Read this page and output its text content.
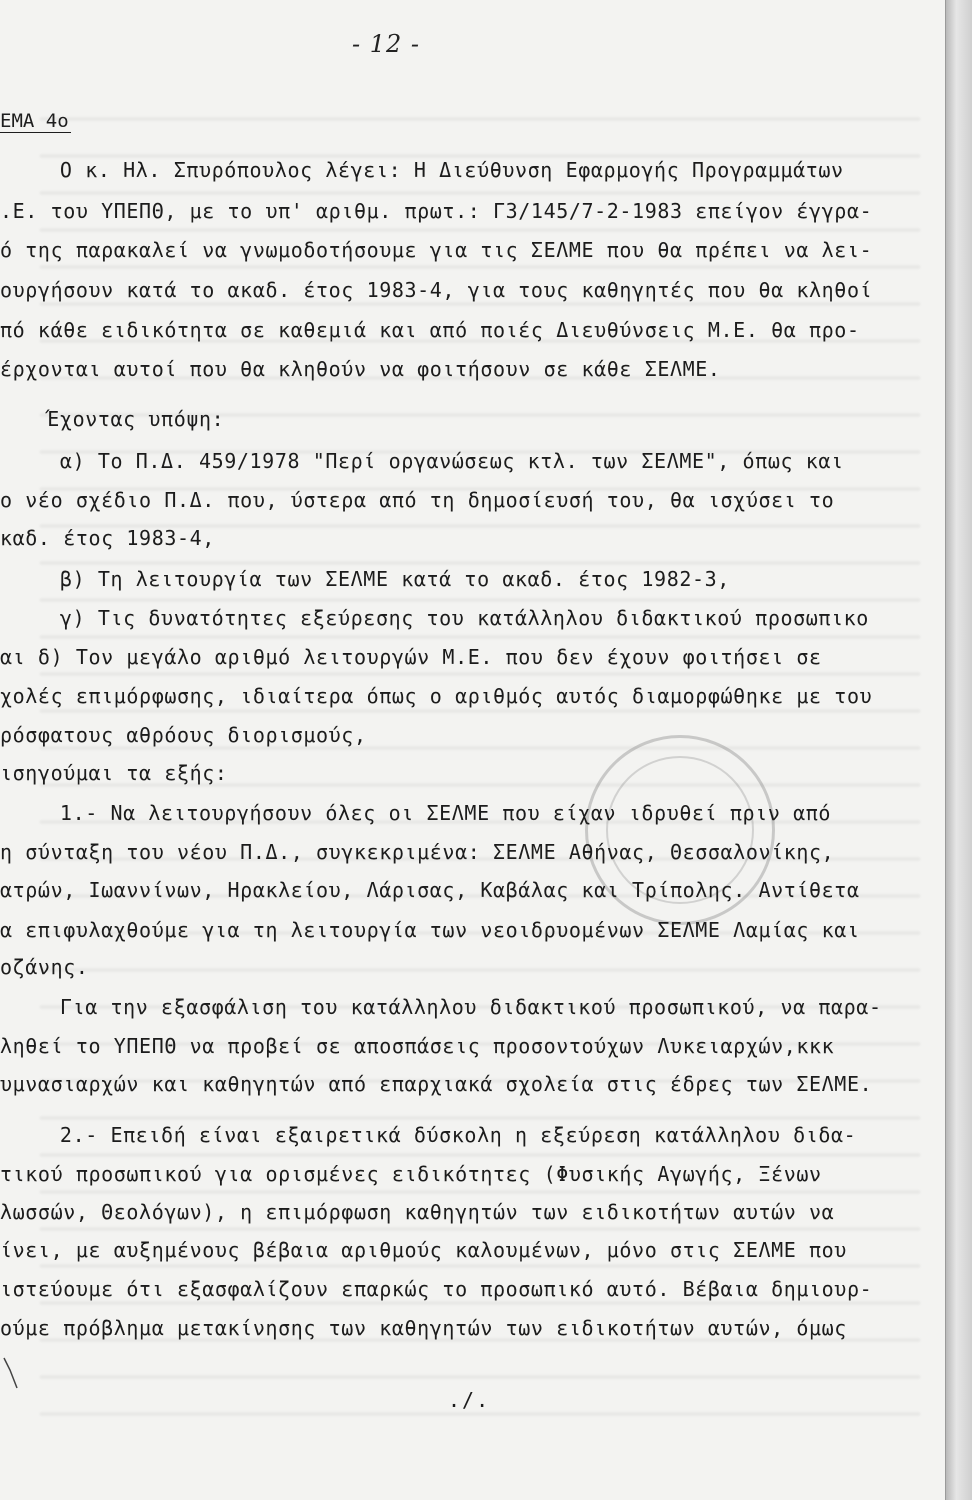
- 12 -
ΕΜΑ 4ο
Ο κ. Ηλ. Σπυρόπουλος λέγει: Η Διεύθυνση Εφαρμογής Προγραμμάτων
.Ε. του ΥΠΕΠΘ, με το υπ' αριθμ. πρωτ.: Γ3/145/7-2-1983 επείγον έγγρα-
ό της παρακαλεί να γνωμοδοτήσουμε για τις ΣΕΛΜΕ που θα πρέπει να λει-
ουργήσουν κατά το ακαδ. έτος 1983-4, για τους καθηγητές που θα κληθοί
πό κάθε ειδικότητα σε καθεμιά και από ποιές Διευθύνσεις Μ.Ε. θα προ-
έρχονται αυτοί που θα κληθούν να φοιτήσουν σε κάθε ΣΕΛΜΕ.
Έχοντας υπόψη:
α) Το Π.Δ. 459/1978 "Περί οργανώσεως κτλ. των ΣΕΛΜΕ", όπως και
ο νέο σχέδιο Π.Δ. που, ύστερα από τη δημοσίευσή του, θα ισχύσει το
καδ. έτος 1983-4,
β) Τη λειτουργία των ΣΕΛΜΕ κατά το ακαδ. έτος 1982-3,
γ) Τις δυνατότητες εξεύρεσης του κατάλληλου διδακτικού προσωπικο
αι δ) Τον μεγάλο αριθμό λειτουργών Μ.Ε. που δεν έχουν φοιτήσει σε
χολές επιμόρφωσης, ιδιαίτερα όπως ο αριθμός αυτός διαμορφώθηκε με του
ρόσφατους αθρόους διορισμούς,
ισηγούμαι τα εξής:
1.- Να λειτουργήσουν όλες οι ΣΕΛΜΕ που είχαν ιδρυθεί πριν από
η σύνταξη του νέου Π.Δ., συγκεκριμένα: ΣΕΛΜΕ Αθήνας, Θεσσαλονίκης,
ατρών, Ιωαννίνων, Ηρακλείου, Λάρισας, Καβάλας και Τρίπολης. Αντίθετα
α επιφυλαχθούμε για τη λειτουργία των νεοιδρυομένων ΣΕΛΜΕ Λαμίας και
οζάνης.
Για την εξασφάλιση του κατάλληλου διδακτικού προσωπικού, να παρα-
ληθεί το ΥΠΕΠΘ να προβεί σε αποσπάσεις προσοντούχων Λυκειαρχών,κκκ
υμνασιαρχών και καθηγητών από επαρχιακά σχολεία στις έδρες των ΣΕΛΜΕ.
2.- Επειδή είναι εξαιρετικά δύσκολη η εξεύρεση κατάλληλου διδα-
τικού προσωπικού για ορισμένες ειδικότητες (Φυσικής Αγωγής, Ξένων
λωσσών, Θεολόγων), η επιμόρφωση καθηγητών των ειδικοτήτων αυτών να
ίνει, με αυξημένους βέβαια αριθμούς καλουμένων, μόνο στις ΣΕΛΜΕ που
ιστεύουμε ότι εξασφαλίζουν επαρκώς το προσωπικό αυτό. Βέβαια δημιουρ-
ούμε πρόβλημα μετακίνησης των καθηγητών των ειδικοτήτων αυτών, όμως
./.
